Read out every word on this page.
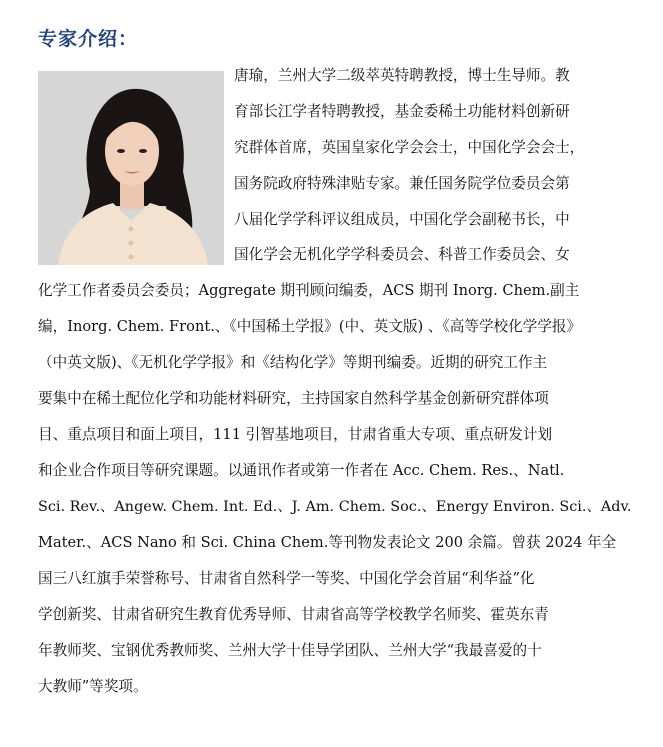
专家介绍：
唐瑜，兰州大学二级萃英特聘教授，博士生导师。教
育部长江学者特聘教授，基金委稀土功能材料创新研
究群体首席，英国皇家化学会会士，中国化学会会士，
国务院政府特殊津贴专家。兼任国务院学位委员会第
八届化学学科评议组成员，中国化学会副秘书长，中
国化学会无机化学学科委员会、科普工作委员会、女
化学工作者委员会委员；Aggregate 期刊顾问编委，ACS 期刊 Inorg. Chem.副主
编，Inorg. Chem. Front.、《中国稀土学报》(中、英文版) 、《高等学校化学学报》
（中英文版)、《无机化学学报》和《结构化学》等期刊编委。近期的研究工作主
要集中在稀土配位化学和功能材料研究，主持国家自然科学基金创新研究群体项
目、重点项目和面上项目，111 引智基地项目，甘肃省重大专项、重点研发计划
和企业合作项目等研究课题。以通讯作者或第一作者在 Acc. Chem. Res.、Natl.
Sci. Rev.、Angew. Chem. Int. Ed.、J. Am. Chem. Soc.、Energy Environ. Sci.、Adv.
Mater.、ACS Nano 和 Sci. China Chem.等刊物发表论文 200 余篇。曾获 2024 年全
国三八红旗手荣誉称号、甘肃省自然科学一等奖、中国化学会首届“利华益”化
学创新奖、甘肃省研究生教育优秀导师、甘肃省高等学校教学名师奖、霍英东青
年教师奖、宝钢优秀教师奖、兰州大学十佳导学团队、兰州大学“我最喜爱的十
大教师”等奖项。
